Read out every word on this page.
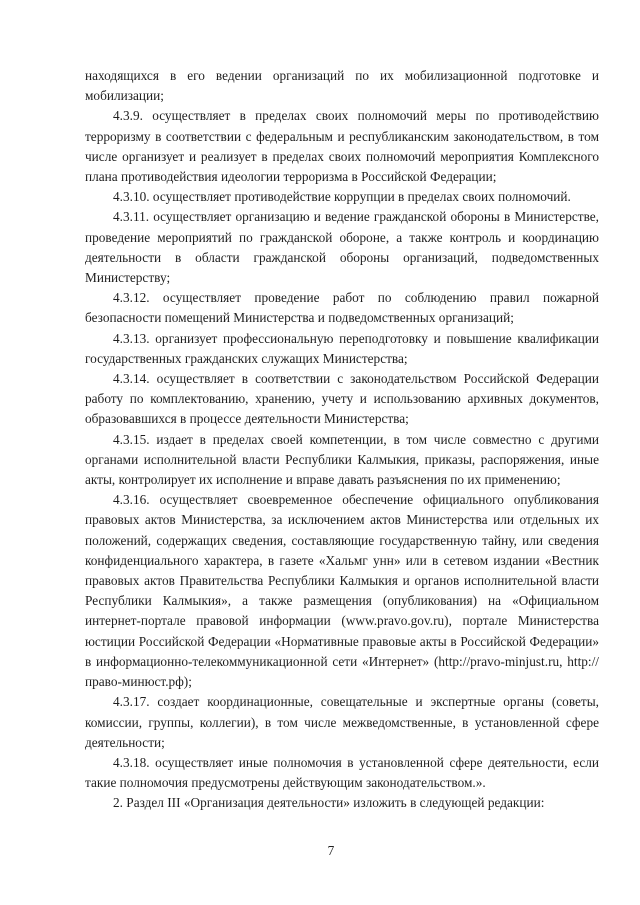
находящихся в его ведении организаций по их мобилизационной подготовке и мобилизации;

4.3.9. осуществляет в пределах своих полномочий меры по противодействию терроризму в соответствии с федеральным и республиканским законодательством, в том числе организует и реализует в пределах своих полномочий мероприятия Комплексного плана противодействия идеологии терроризма в Российской Федерации;

4.3.10. осуществляет противодействие коррупции в пределах своих полномочий.

4.3.11. осуществляет организацию и ведение гражданской обороны в Министерстве, проведение мероприятий по гражданской обороне, а также контроль и координацию деятельности в области гражданской обороны организаций, подведомственных Министерству;

4.3.12. осуществляет проведение работ по соблюдению правил пожарной безопасности помещений Министерства и подведомственных организаций;

4.3.13. организует профессиональную переподготовку и повышение квалификации государственных гражданских служащих Министерства;

4.3.14. осуществляет в соответствии с законодательством Российской Федерации работу по комплектованию, хранению, учету и использованию архивных документов, образовавшихся в процессе деятельности Министерства;

4.3.15. издает в пределах своей компетенции, в том числе совместно с другими органами исполнительной власти Республики Калмыкия, приказы, распоряжения, иные акты, контролирует их исполнение и вправе давать разъяснения по их применению;

4.3.16. осуществляет своевременное обеспечение официального опубликования правовых актов Министерства, за исключением актов Министерства или отдельных их положений, содержащих сведения, составляющие государственную тайну, или сведения конфиденциального характера, в газете «Хальмг унн» или в сетевом издании «Вестник правовых актов Правительства Республики Калмыкия и органов исполнительной власти Республики Калмыкия», а также размещения (опубликования) на «Официальном интернет-портале правовой информации (www.pravo.gov.ru), портале Министерства юстиции Российской Федерации «Нормативные правовые акты в Российской Федерации» в информационно-телекоммуникационной сети «Интернет» (http://pravo-minjust.ru, http://право-минюст.рф);

4.3.17. создает координационные, совещательные и экспертные органы (советы, комиссии, группы, коллегии), в том числе межведомственные, в установленной сфере деятельности;

4.3.18. осуществляет иные полномочия в установленной сфере деятельности, если такие полномочия предусмотрены действующим законодательством.».

2. Раздел III «Организация деятельности» изложить в следующей редакции:

7
